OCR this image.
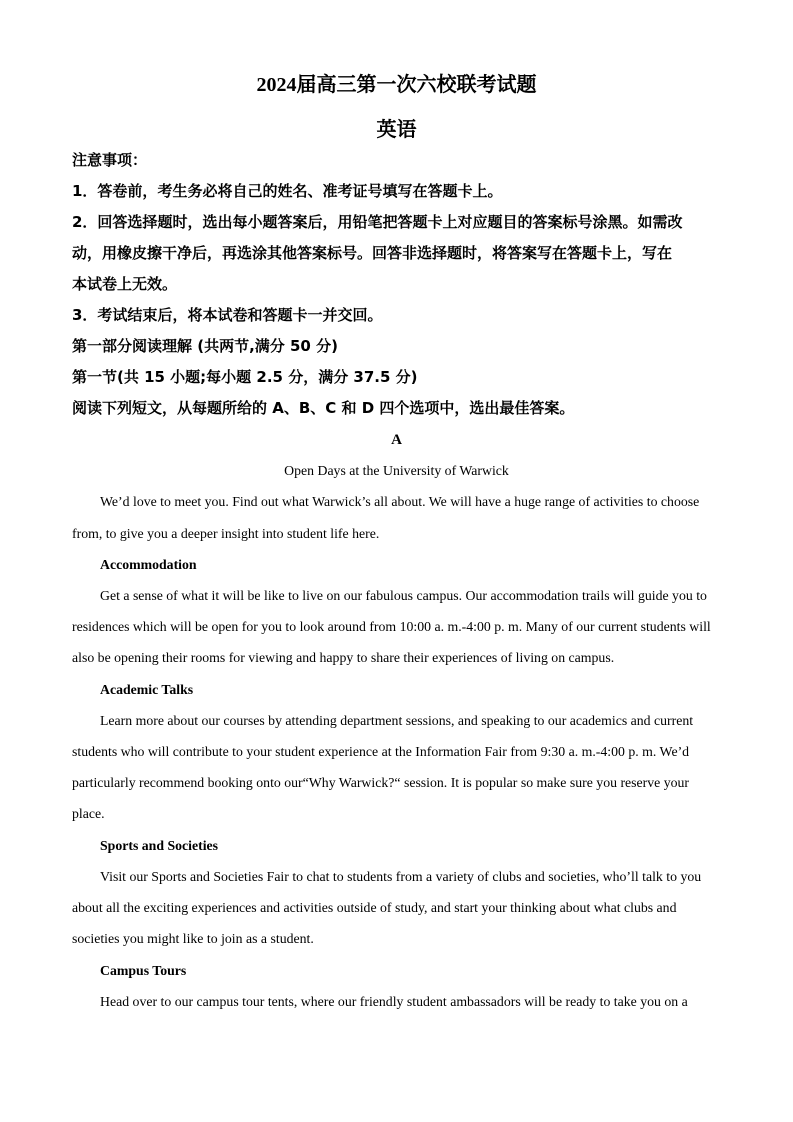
2024届高三第一次六校联考试题
英语
注意事项：
1．答卷前，考生务必将自己的姓名、准考证号填写在答题卡上。
2．回答选择题时，选出每小题答案后，用铅笔把答题卡上对应题目的答案标号涂黑。如需改
动，用橡皮擦干净后，再选涂其他答案标号。回答非选择题时，将答案写在答题卡上，写在
本试卷上无效。
3．考试结束后，将本试卷和答题卡一并交回。
第一部分阅读理解 (共两节,满分 50 分)
第一节(共 15 小题;每小题 2.5 分，满分 37.5 分)
阅读下列短文，从每题所给的 A、B、C 和 D 四个选项中，选出最佳答案。
A
Open Days at the University of Warwick
We’d love to meet you. Find out what Warwick’s all about. We will have a huge range of activities to choose
from, to give you a deeper insight into student life here.
Accommodation
Get a sense of what it will be like to live on our fabulous campus. Our accommodation trails will guide you to
residences which will be open for you to look around from 10:00 a. m.-4:00 p. m. Many of our current students will
also be opening their rooms for viewing and happy to share their experiences of living on campus.
Academic Talks
Learn more about our courses by attending department sessions, and speaking to our academics and current
students who will contribute to your student experience at the Information Fair from 9:30 a. m.-4:00 p. m. We’d
particularly recommend booking onto our“Why Warwick?“ session. It is popular so make sure you reserve your
place.
Sports and Societies
Visit our Sports and Societies Fair to chat to students from a variety of clubs and societies, who’ll talk to you
about all the exciting experiences and activities outside of study, and start your thinking about what clubs and
societies you might like to join as a student.
Campus Tours
Head over to our campus tour tents, where our friendly student ambassadors will be ready to take you on a
